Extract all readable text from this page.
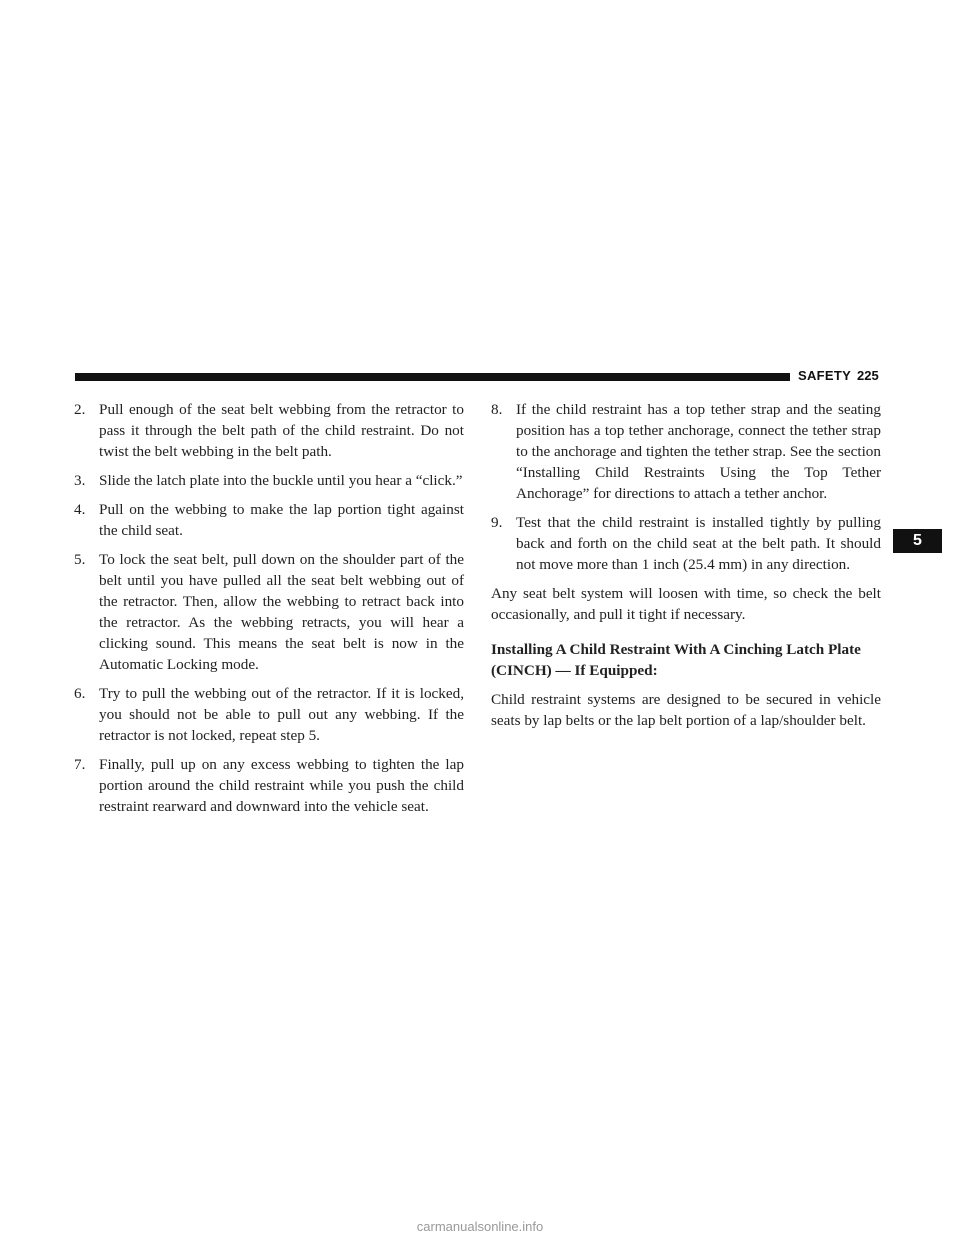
SAFETY 225
5
2. Pull enough of the seat belt webbing from the retractor to pass it through the belt path of the child restraint. Do not twist the belt webbing in the belt path.
3. Slide the latch plate into the buckle until you hear a “click.”
4. Pull on the webbing to make the lap portion tight against the child seat.
5. To lock the seat belt, pull down on the shoulder part of the belt until you have pulled all the seat belt webbing out of the retractor. Then, allow the webbing to retract back into the retractor. As the webbing retracts, you will hear a clicking sound. This means the seat belt is now in the Automatic Locking mode.
6. Try to pull the webbing out of the retractor. If it is locked, you should not be able to pull out any webbing. If the retractor is not locked, repeat step 5.
7. Finally, pull up on any excess webbing to tighten the lap portion around the child restraint while you push the child restraint rearward and downward into the vehicle seat.
8. If the child restraint has a top tether strap and the seating position has a top tether anchorage, connect the tether strap to the anchorage and tighten the tether strap. See the section “Installing Child Restraints Using the Top Tether Anchorage” for directions to attach a tether anchor.
9. Test that the child restraint is installed tightly by pulling back and forth on the child seat at the belt path. It should not move more than 1 inch (25.4 mm) in any direction.

Any seat belt system will loosen with time, so check the belt occasionally, and pull it tight if necessary.

Installing A Child Restraint With A Cinching Latch Plate (CINCH) — If Equipped:

Child restraint systems are designed to be secured in vehicle seats by lap belts or the lap belt portion of a lap/shoulder belt.

carmanualsonline.info
